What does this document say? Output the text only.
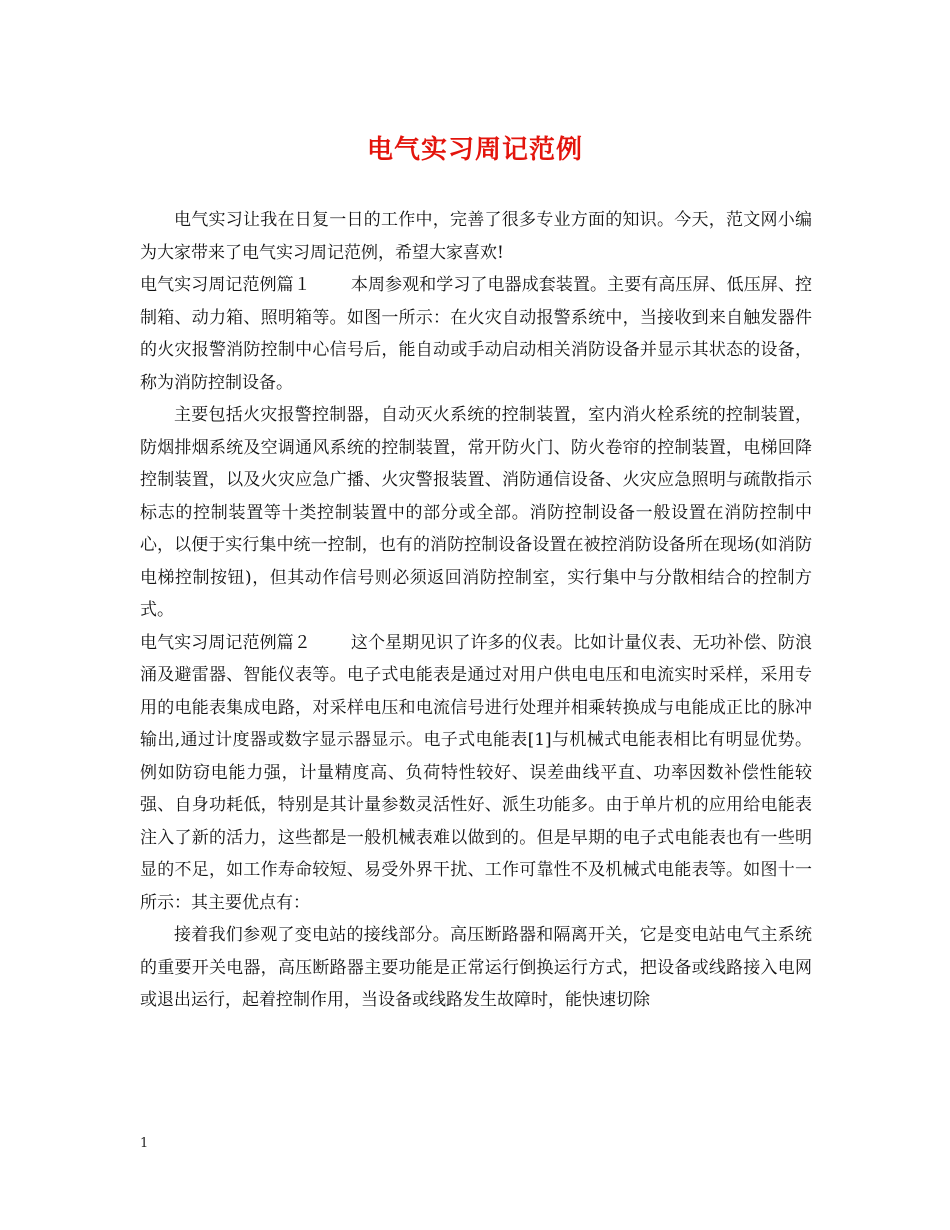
电气实习周记范例

电气实习让我在日复一日的工作中，完善了很多专业方面的知识。今天，范文网小编为大家带来了电气实习周记范例，希望大家喜欢!

电气实习周记范例篇１ 本周参观和学习了电器成套装置。主要有高压屏、低压屏、控制箱、动力箱、照明箱等。如图一所示：在火灾自动报警系统中，当接收到来自触发器件的火灾报警消防控制中心信号后，能自动或手动启动相关消防设备并显示其状态的设备，称为消防控制设备。

主要包括火灾报警控制器，自动灭火系统的控制装置，室内消火栓系统的控制装置，防烟排烟系统及空调通风系统的控制装置，常开防火门、防火卷帘的控制装置，电梯回降控制装置，以及火灾应急广播、火灾警报装置、消防通信设备、火灾应急照明与疏散指示标志的控制装置等十类控制装置中的部分或全部。消防控制设备一般设置在消防控制中心，以便于实行集中统一控制，也有的消防控制设备设置在被控消防设备所在现场(如消防电梯控制按钮)，但其动作信号则必须返回消防控制室，实行集中与分散相结合的控制方式。

电气实习周记范例篇２ 这个星期见识了许多的仪表。比如计量仪表、无功补偿、防浪涌及避雷器、智能仪表等。电子式电能表是通过对用户供电电压和电流实时采样，采用专用的电能表集成电路，对采样电压和电流信号进行处理并相乘转换成与电能成正比的脉冲输出,通过计度器或数字显示器显示。电子式电能表[1]与机械式电能表相比有明显优势。例如防窃电能力强，计量精度高、负荷特性较好、误差曲线平直、功率因数补偿性能较强、自身功耗低，特别是其计量参数灵活性好、派生功能多。由于单片机的应用给电能表注入了新的活力，这些都是一般机械表难以做到的。但是早期的电子式电能表也有一些明显的不足，如工作寿命较短、易受外界干扰、工作可靠性不及机械式电能表等。如图十一所示：其主要优点有：

接着我们参观了变电站的接线部分。高压断路器和隔离开关，它是变电站电气主系统的重要开关电器，高压断路器主要功能是正常运行倒换运行方式，把设备或线路接入电网或退出运行，起着控制作用，当设备或线路发生故障时，能快速切除

1
